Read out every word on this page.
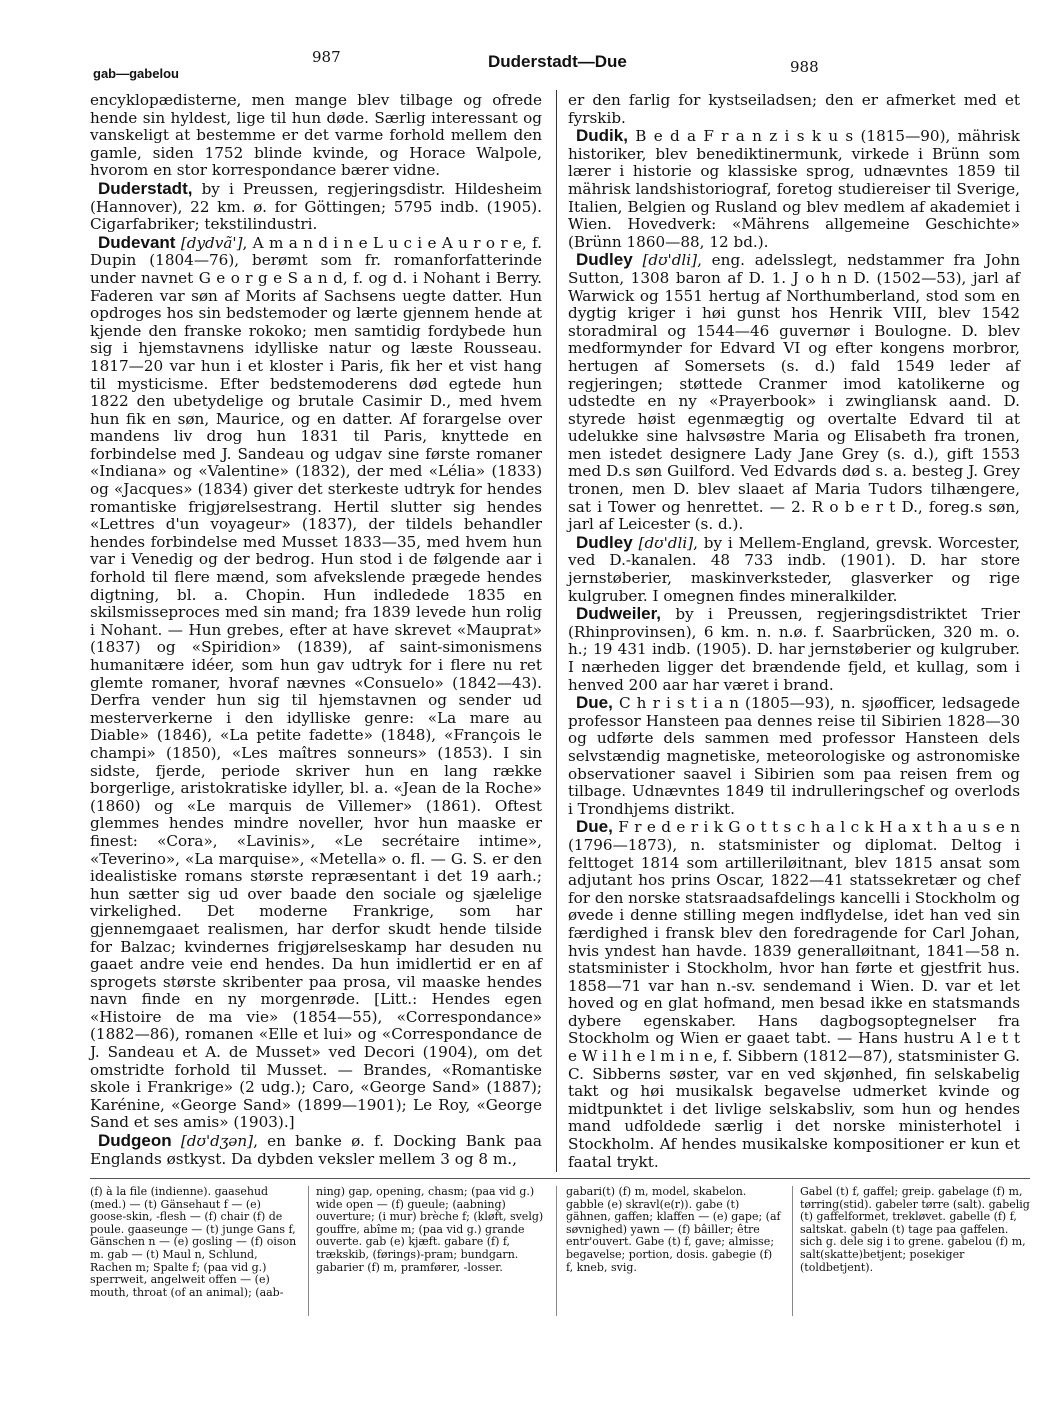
gab—gabelou
987	Duderstadt—Due	988

encyklopædisterne, men mange blev tilbage og ofrede hende sin hyldest, lige til hun døde. Særlig interessant og vanskeligt at bestemme er det varme forhold mellem den gamle, siden 1752 blinde kvinde, og Horace Walpole, hvorom en stor korrespondance bærer vidne.

Duderstadt, by i Preussen, regjeringsdistr. Hildesheim (Hannover), 22 km. ø. for Göttingen; 5795 indb. (1905). Cigarfabriker; tekstilindustri.

Dudevant [dydvã'], A m a n d i n e L u c i e A u r o r e, f. Dupin (1804—76), berømt som fr. romanforfatterinde under navnet G e o r g e S a n d, f. og d. i Nohant i Berry. Faderen var søn af Morits af Sachsens uegte datter. Hun opdroges hos sin bedstemoder og lærte gjennem hende at kjende den franske rokoko; men samtidig fordybede hun sig i hjemstavnens idylliske natur og læste Rousseau. 1817—20 var hun i et kloster i Paris, fik her et vist hang til mysticisme. Efter bedstemoderens død egtede hun 1822 den ubetydelige og brutale Casimir D., med hvem hun fik en søn, Maurice, og en datter. Af forargelse over mandens liv drog hun 1831 til Paris, knyttede en forbindelse med J. Sandeau og udgav sine første romaner «Indiana» og «Valentine» (1832), der med «Lélia» (1833) og «Jacques» (1834) giver det sterkeste udtryk for hendes romantiske frigjørelsestrang. Hertil slutter sig hendes «Lettres d'un voyageur» (1837), der tildels behandler hendes forbindelse med Musset 1833—35, med hvem hun var i Venedig og der bedrog. Hun stod i de følgende aar i forhold til flere mænd, som afvekslende prægede hendes digtning, bl. a. Chopin. Hun indledede 1835 en skilsmisseproces med sin mand; fra 1839 levede hun rolig i Nohant. — Hun grebes, efter at have skrevet «Mauprat» (1837) og «Spiridion» (1839), af saint-simonismens humanitære idéer, som hun gav udtryk for i flere nu ret glemte romaner, hvoraf nævnes «Consuelo» (1842—43). Derfra vender hun sig til hjemstavnen og sender ud mesterverkerne i den idylliske genre: «La mare au Diable» (1846), «La petite fadette» (1848), «François le champi» (1850), «Les maîtres sonneurs» (1853). I sin sidste, fjerde, periode skriver hun en lang række borgerlige, aristokratiske idyller, bl. a. «Jean de la Roche» (1860) og «Le marquis de Villemer» (1861). Oftest glemmes hendes mindre noveller, hvor hun maaske er finest: «Cora», «Lavinis», «Le secrétaire intime», «Teverino», «La marquise», «Metella» o. fl. — G. S. er den idealistiske romans største repræsentant i det 19 aarh.; hun sætter sig ud over baade den sociale og sjælelige virkelighed. Det moderne Frankrige, som har gjennemgaaet realismen, har derfor skudt hende tilside for Balzac; kvindernes frigjørelseskamp har desuden nu gaaet andre veie end hendes. Da hun imidlertid er en af sprogets største skribenter paa prosa, vil maaske hendes navn finde en ny morgenrøde. [Litt.: Hendes egen «Histoire de ma vie» (1854—55), «Correspondance» (1882—86), romanen «Elle et lui» og «Correspondance de J. Sandeau et A. de Musset» ved Decori (1904), om det omstridte forhold til Musset. — Brandes, «Romantiske skole i Frankrige» (2 udg.); Caro, «George Sand» (1887); Karénine, «George Sand» (1899—1901); Le Roy, «George Sand et ses amis» (1903).]

Dudgeon [dʊ'dʒən], en banke ø. f. Docking Bank paa Englands østkyst. Da dybden veksler mellem 3 og 8 m.,

er den farlig for kystseiladsen; den er afmerket med et fyrskib.

Dudik, B e d a F r a n z i s k u s (1815—90), mährisk historiker, blev benediktinermunk, virkede i Brünn som lærer i historie og klassiske sprog, udnævntes 1859 til mährisk landshistoriograf, foretog studiereiser til Sverige, Italien, Belgien og Rusland og blev medlem af akademiet i Wien. Hovedverk: «Mährens allgemeine Geschichte» (Brünn 1860—88, 12 bd.).

Dudley [dʊ'dli], eng. adelsslegt, nedstammer fra John Sutton, 1308 baron af D. 1. J o h n D. (1502—53), jarl af Warwick og 1551 hertug af Northumberland, stod som en dygtig kriger i høi gunst hos Henrik VIII, blev 1542 storadmiral og 1544—46 guvernør i Boulogne. D. blev medformynder for Edvard VI og efter kongens morbror, hertugen af Somersets (s. d.) fald 1549 leder af regjeringen; støttede Cranmer imod katolikerne og udstedte en ny «Prayerbook» i zwingliansk aand. D. styrede høist egenmægtig og overtalte Edvard til at udelukke sine halvsøstre Maria og Elisabeth fra tronen, men istedet designere Lady Jane Grey (s. d.), gift 1553 med D.s søn Guilford. Ved Edvards død s. a. besteg J. Grey tronen, men D. blev slaaet af Maria Tudors tilhængere, sat i Tower og henrettet. — 2. R o b e r t D., foreg.s søn, jarl af Leicester (s. d.).

Dudley [dʊ'dli], by i Mellem-England, grevsk. Worcester, ved D.-kanalen. 48 733 indb. (1901). D. har store jernstøberier, maskinverksteder, glasverker og rige kulgruber. I omegnen findes mineralkilder.

Dudweiler, by i Preussen, regjeringsdistriktet Trier (Rhinprovinsen), 6 km. n. n.ø. f. Saarbrücken, 320 m. o. h.; 19 431 indb. (1905). D. har jernstøberier og kulgruber. I nærheden ligger det brændende fjeld, et kullag, som i henved 200 aar har været i brand.

Due, C h r i s t i a n (1805—93), n. sjøofficer, ledsagede professor Hansteen paa dennes reise til Sibirien 1828—30 og udførte dels sammen med professor Hansteen dels selvstændig magnetiske, meteorologiske og astronomiske observationer saavel i Sibirien som paa reisen frem og tilbage. Udnævntes 1849 til indrulleringschef og overlods i Trondhjems distrikt.

Due, F r e d e r i k G o t t s c h a l c k H a x t h a u s e n (1796—1873), n. statsminister og diplomat. Deltog i felttoget 1814 som artilleriløitnant, blev 1815 ansat som adjutant hos prins Oscar, 1822—41 statssekretær og chef for den norske statsraadsafdelings kancelli i Stockholm og øvede i denne stilling megen indflydelse, idet han ved sin færdighed i fransk blev den foredragende for Carl Johan, hvis yndest han havde. 1839 generalløitnant, 1841—58 n. statsminister i Stockholm, hvor han førte et gjestfrit hus. 1858—71 var han n.-sv. sendemand i Wien. D. var et let hoved og en glat hofmand, men besad ikke en statsmands dybere egenskaber. Hans dagbogsoptegnelser fra Stockholm og Wien er gaaet tabt. — Hans hustru A l e t t e W i l h e l m i n e, f. Sibbern (1812—87), statsminister G. C. Sibberns søster, var en ved skjønhed, fin selskabelig takt og høi musikalsk begavelse udmerket kvinde og midtpunktet i det livlige selskabsliv, som hun og hendes mand udfoldede særlig i det norske ministerhotel i Stockholm. Af hendes musikalske kompositioner er kun et faatal trykt.

(f) à la file (indienne). gaasehud (med.) — (t) Gänsehaut f — (e) goose-skin, -flesh — (f) chair (f) de poule. gaaseunge — (t) junge Gans f, Gänschen n — (e) gosling — (f) oison m. gab — (t) Maul n, Schlund, Rachen m; Spalte f; (paa vid g.) sperrweit, angelweit offen — (e) mouth, throat (of an animal); (aab-
ning) gap, opening, chasm; (paa vid g.) wide open — (f) gueule; (aabning) ouverture; (i mur) brèche f; (kløft, svelg) gouffre, abîme m; (paa vid g.) grande ouverte. gab (e) kjæft. gabare (f) f, trækskib, (førings)-pram; bundgarn. gabarier (f) m, pramfører, -losser.
gabari(t) (f) m, model, skabelon. gabble (e) skravl(e(r)). gabe (t) gähnen, gaffen; klaffen — (e) gape; (af søvnighed) yawn — (f) bâiller; être entr'ouvert. Gabe (t) f, gave; almisse; begavelse; portion, dosis. gabegie (f) f, kneb, svig.
Gabel (t) f, gaffel; greip. gabelage (f) m, tørring(stid). gabeler tørre (salt). gabelig (t) gaffelformet, trekløvet. gabelle (f) f, saltskat. gabeln (t) tage paa gaffelen. sich g. dele sig i to grene. gabelou (f) m, salt(skatte)betjent; posekiger (toldbetjent).
